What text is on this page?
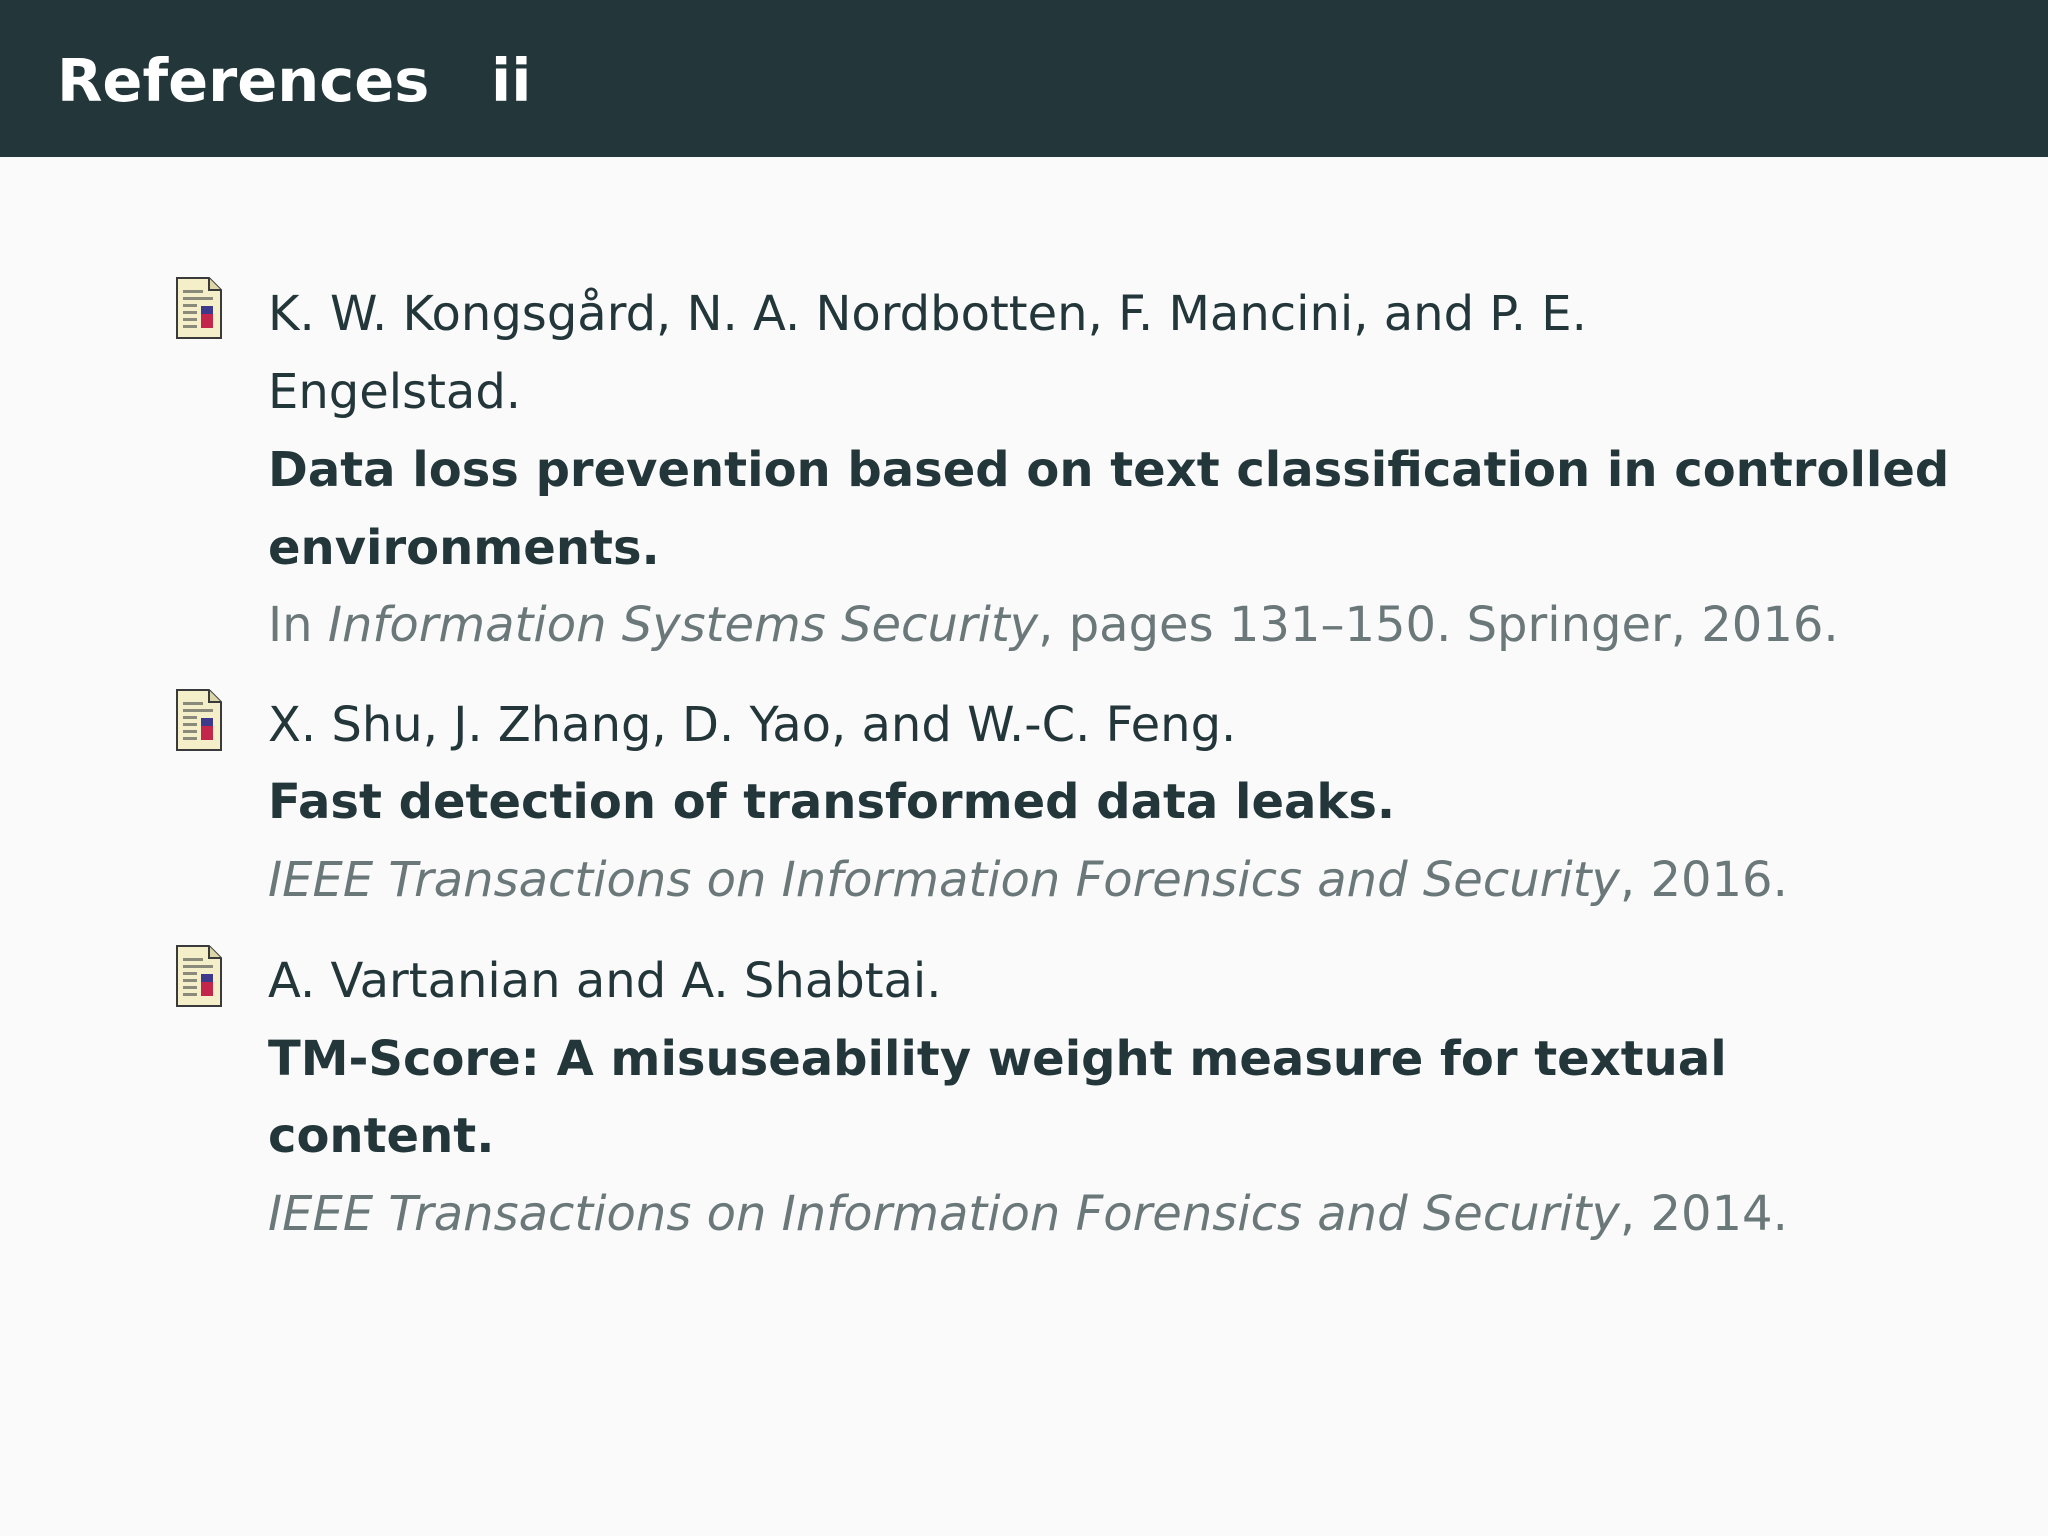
References ii
K. W. Kongsgård, N. A. Nordbotten, F. Mancini, and P. E.
Engelstad.
Data loss prevention based on text classification in controlled
environments.
In Information Systems Security, pages 131–150. Springer, 2016.
X. Shu, J. Zhang, D. Yao, and W.-C. Feng.
Fast detection of transformed data leaks.
IEEE Transactions on Information Forensics and Security, 2016.
A. Vartanian and A. Shabtai.
TM-Score: A misuseability weight measure for textual
content.
IEEE Transactions on Information Forensics and Security, 2014.
